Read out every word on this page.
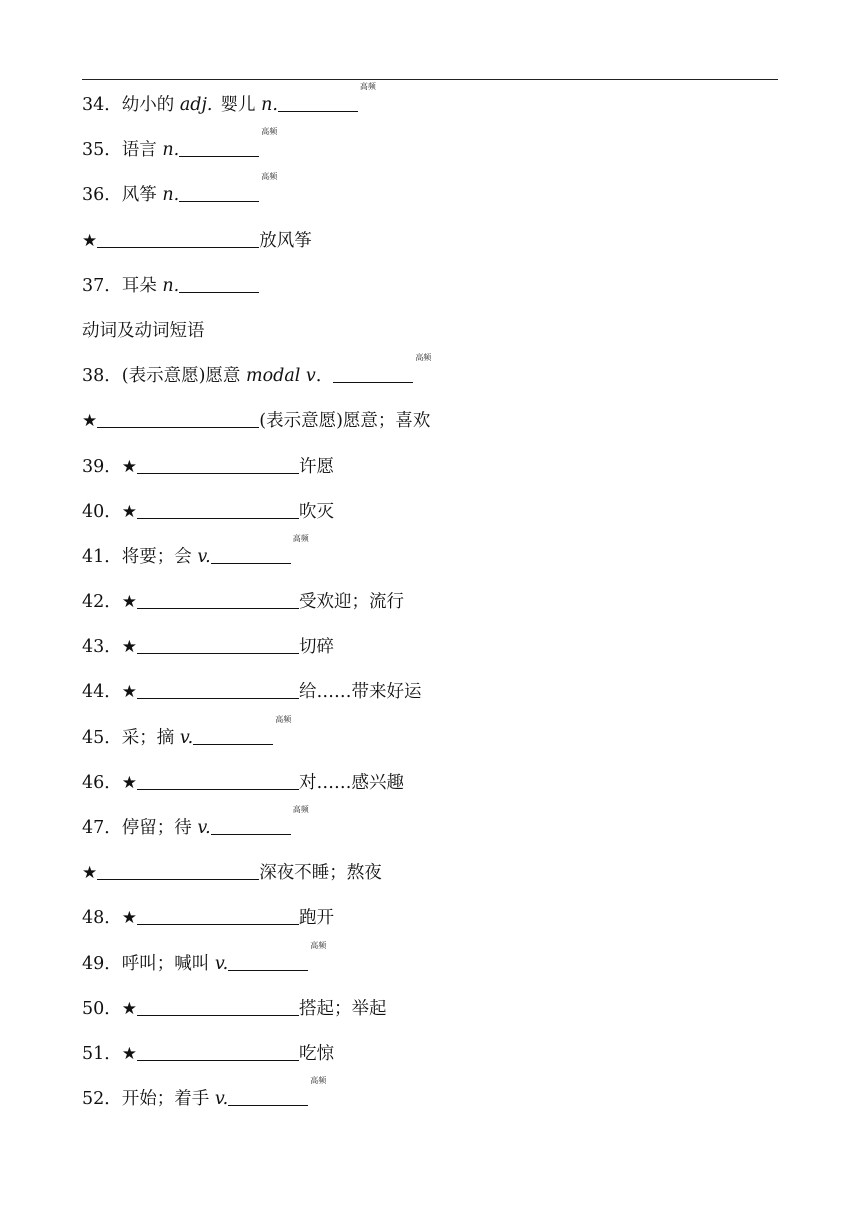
34．幼小的 adj. 婴儿 n.$^{高频}$
35．语言 n.$^{高频}$
36．风筝 n.$^{高频}$
★	放风筝
37．耳朵 n.
动词及动词短语
38．(表示意愿)愿意 modal v．$^{高频}$
★	(表示意愿)愿意；喜欢
39．★	许愿
40．★	吹灭
41．将要；会 v.$^{高频}$
42．★	受欢迎；流行
43．★	切碎
44．★	给……带来好运
45．采；摘 v.$^{高频}$
46．★	对……感兴趣
47．停留；待 v.$^{高频}$
★	深夜不睡；熬夜
48．★	跑开
49．呼叫；喊叫 v.$^{高频}$
50．★	搭起；举起
51．★	吃惊
52．开始；着手 v.$^{高频}$
